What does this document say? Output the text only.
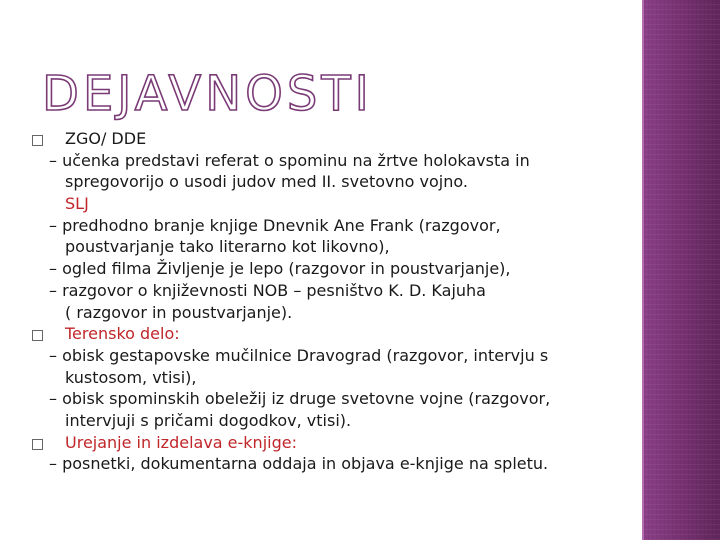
DEJAVNOSTI
ZGO/ DDE
– učenka predstavi referat o spominu na žrtve holokavsta in
spregovorijo o usodi judov med II. svetovno vojno.
SLJ
– predhodno branje knjige Dnevnik Ane Frank (razgovor,
poustvarjanje tako literarno kot likovno),
– ogled filma Življenje je lepo (razgovor in poustvarjanje),
– razgovor o književnosti NOB – pesništvo K. D. Kajuha
( razgovor in poustvarjanje).
Terensko delo:
– obisk gestapovske mučilnice Dravograd (razgovor, intervju s
kustosom, vtisi),
– obisk spominskih obeležij iz druge svetovne vojne (razgovor,
intervjuji s pričami dogodkov, vtisi).
Urejanje in izdelava e-knjige:
– posnetki, dokumentarna oddaja in objava e-knjige na spletu.
